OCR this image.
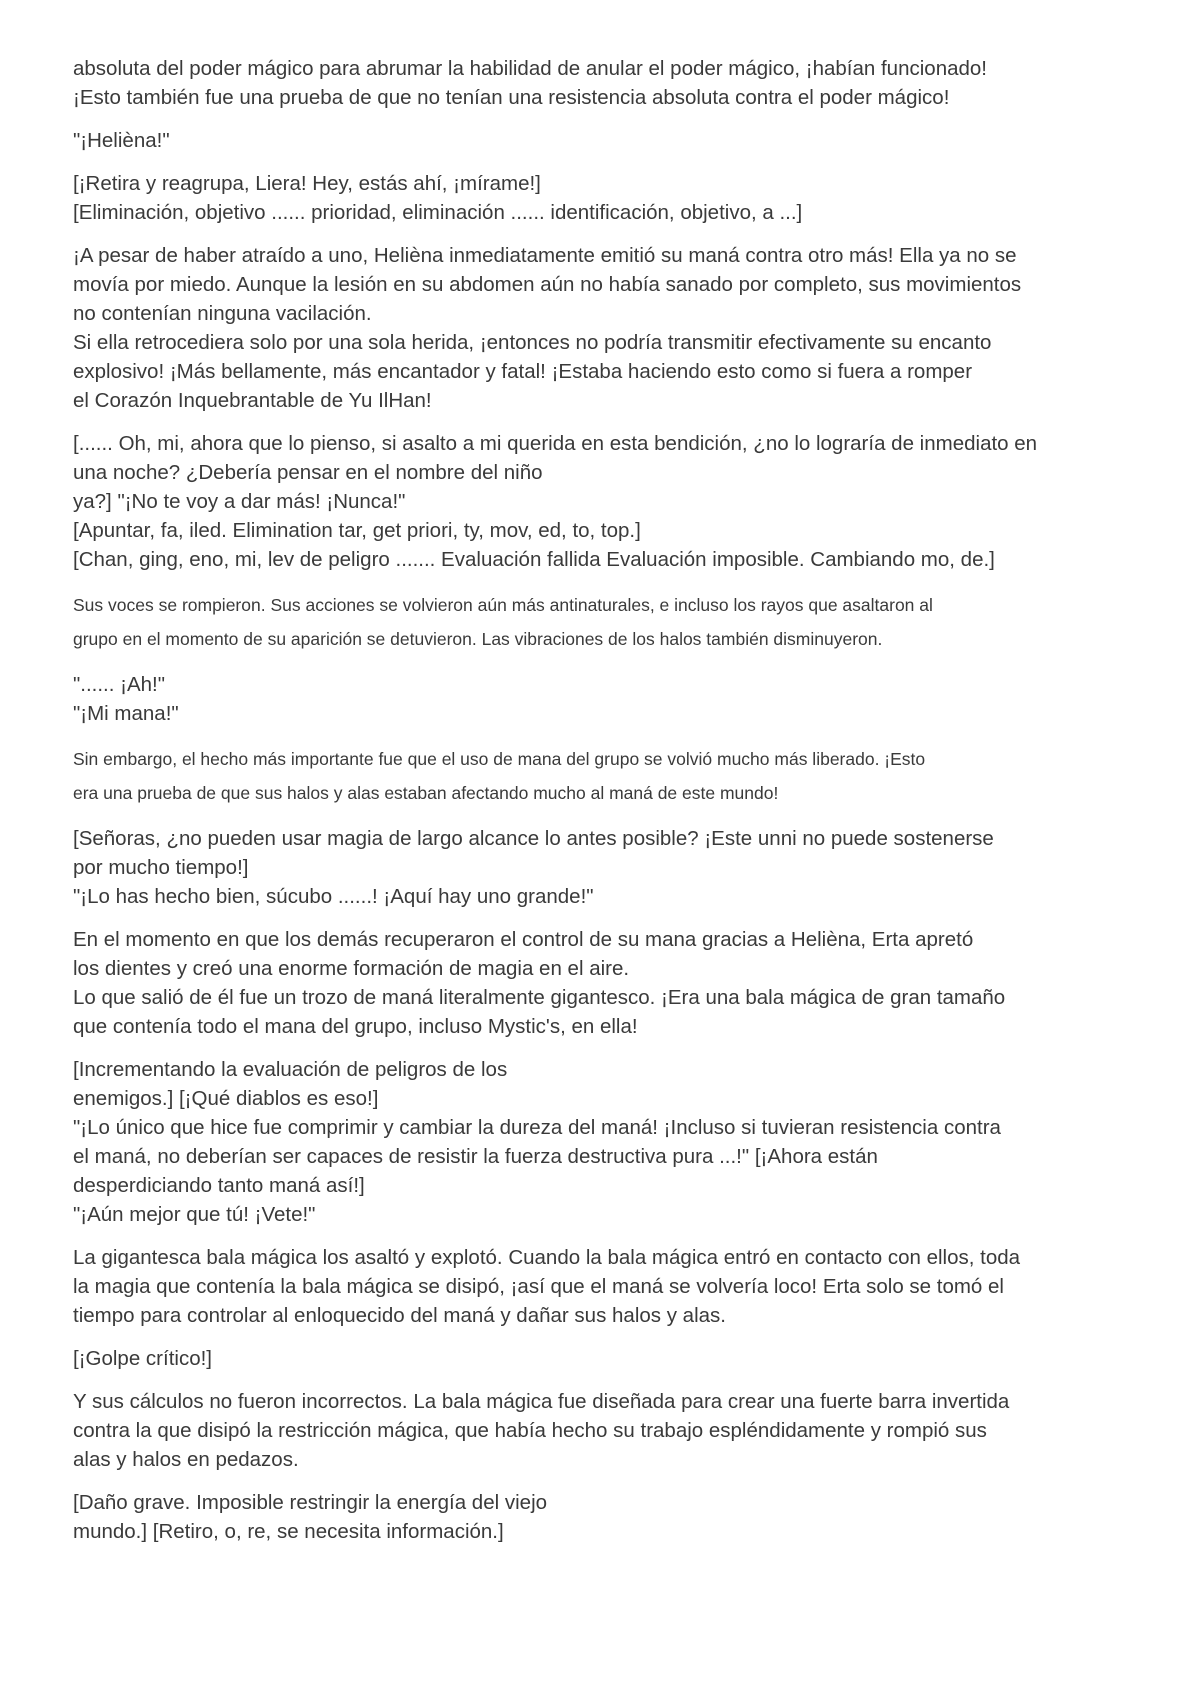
absoluta del poder mágico para abrumar la habilidad de anular el poder mágico, ¡habían funcionado!
¡Esto también fue una prueba de que no tenían una resistencia absoluta contra el poder mágico!
"¡Helièna!"
[¡Retira y reagrupa, Liera! Hey, estás ahí, ¡mírame!]
[Eliminación, objetivo ...... prioridad, eliminación ...... identificación, objetivo, a ...]
¡A pesar de haber atraído a uno, Helièna inmediatamente emitió su maná contra otro más! Ella ya no se
movía por miedo. Aunque la lesión en su abdomen aún no había sanado por completo, sus movimientos
no contenían ninguna vacilación.
Si ella retrocediera solo por una sola herida, ¡entonces no podría transmitir efectivamente su encanto
explosivo! ¡Más bellamente, más encantador y fatal! ¡Estaba haciendo esto como si fuera a romper
el Corazón Inquebrantable de Yu IlHan!
[...... Oh, mi, ahora que lo pienso, si asalto a mi querida en esta bendición, ¿no lo lograría de inmediato en
una noche? ¿Debería pensar en el nombre del niño
ya?] "¡No te voy a dar más! ¡Nunca!"
[Apuntar, fa, iled. Elimination tar, get priori, ty, mov, ed, to, top.]
[Chan, ging, eno, mi, lev de peligro ....... Evaluación fallida Evaluación imposible. Cambiando mo, de.]
Sus voces se rompieron. Sus acciones se volvieron aún más antinaturales, e incluso los rayos que asaltaron al
grupo en el momento de su aparición se detuvieron. Las vibraciones de los halos también disminuyeron.
"...... ¡Ah!"
"¡Mi mana!"
Sin embargo, el hecho más importante fue que el uso de mana del grupo se volvió mucho más liberado. ¡Esto
era una prueba de que sus halos y alas estaban afectando mucho al maná de este mundo!
[Señoras, ¿no pueden usar magia de largo alcance lo antes posible? ¡Este unni no puede sostenerse
por mucho tiempo!]
"¡Lo has hecho bien, súcubo ......! ¡Aquí hay uno grande!"
En el momento en que los demás recuperaron el control de su mana gracias a Helièna, Erta apretó
los dientes y creó una enorme formación de magia en el aire.
Lo que salió de él fue un trozo de maná literalmente gigantesco. ¡Era una bala mágica de gran tamaño
que contenía todo el mana del grupo, incluso Mystic's, en ella!
[Incrementando la evaluación de peligros de los
enemigos.] [¡Qué diablos es eso!]
"¡Lo único que hice fue comprimir y cambiar la dureza del maná! ¡Incluso si tuvieran resistencia contra
el maná, no deberían ser capaces de resistir la fuerza destructiva pura ...!" [¡Ahora están
desperdiciando tanto maná así!]
"¡Aún mejor que tú! ¡Vete!"
La gigantesca bala mágica los asaltó y explotó. Cuando la bala mágica entró en contacto con ellos, toda
la magia que contenía la bala mágica se disipó, ¡así que el maná se volvería loco! Erta solo se tomó el
tiempo para controlar al enloquecido del maná y dañar sus halos y alas.
[¡Golpe crítico!]
Y sus cálculos no fueron incorrectos. La bala mágica fue diseñada para crear una fuerte barra invertida
contra la que disipó la restricción mágica, que había hecho su trabajo espléndidamente y rompió sus
alas y halos en pedazos.
[Daño grave. Imposible restringir la energía del viejo
mundo.] [Retiro, o, re, se necesita información.]
